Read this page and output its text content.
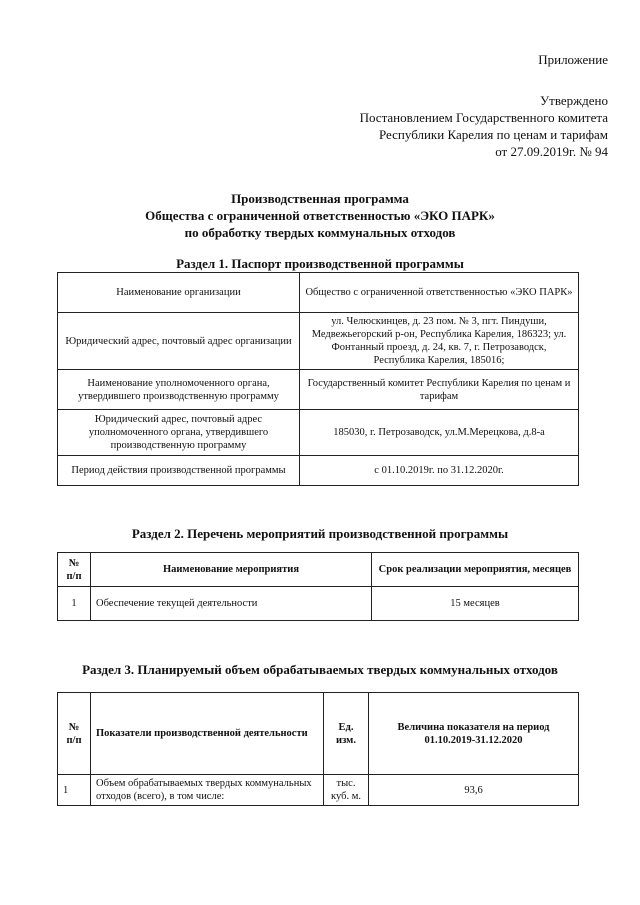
Приложение
Утверждено
Постановлением Государственного комитета
Республики Карелия по ценам и тарифам
от 27.09.2019г. № 94
Производственная программа
Общества с ограниченной ответственностью «ЭКО ПАРК»
по обработку твердых коммунальных отходов
Раздел 1. Паспорт производственной программы
Наименование организации	Общество с ограниченной ответственностью «ЭКО ПАРК»
Юридический адрес, почтовый адрес организации	ул. Челюскинцев, д. 23 пом. № 3, пгт. Пиндуши, Медвежьегорский р-он, Республика Карелия, 186323; ул. Фонтанный проезд, д. 24, кв. 7, г. Петрозаводск, Республика Карелия, 185016;
Наименование уполномоченного органа, утвердившего производственную программу	Государственный комитет Республики Карелия по ценам и тарифам
Юридический адрес, почтовый адрес уполномоченного органа, утвердившего производственную программу	185030, г. Петрозаводск, ул.М.Мерецкова, д.8-а
Период действия производственной программы	с 01.10.2019г. по 31.12.2020г.
Раздел 2. Перечень мероприятий производственной программы
№ п/п	Наименование мероприятия	Срок реализации мероприятия, месяцев
1	Обеспечение текущей деятельности	15 месяцев
Раздел 3. Планируемый объем обрабатываемых твердых коммунальных отходов
№ п/п	Показатели производственной деятельности	Ед. изм.	Величина показателя на период 01.10.2019-31.12.2020
1	Объем обрабатываемых твердых коммунальных отходов (всего), в том числе:	тыс. куб. м.	93,6
